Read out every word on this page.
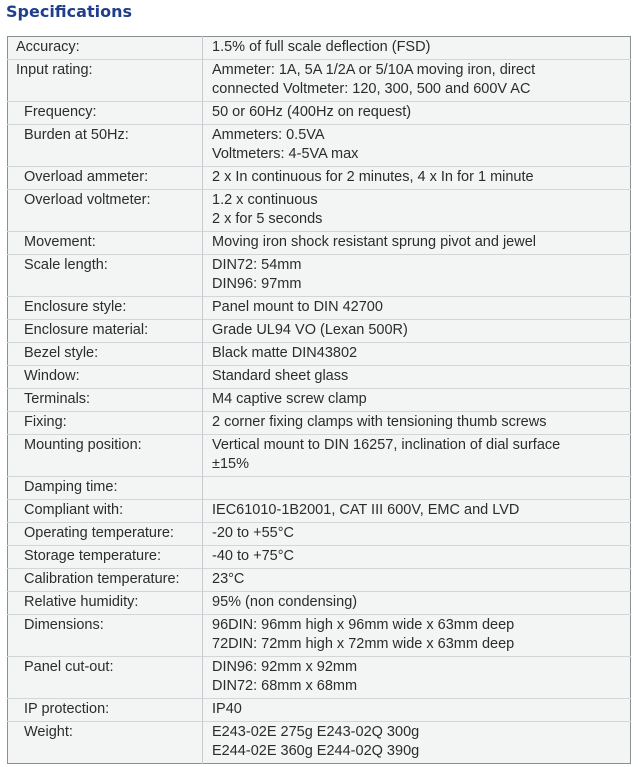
Specifications
Accuracy:	1.5% of full scale deflection (FSD)

Input rating:	Ammeter: 1A, 5A 1/2A or 5/10A moving iron, direct
connected Voltmeter: 120, 300, 500 and 600V AC

Frequency:	50 or 60Hz (400Hz on request)

Burden at 50Hz:	Ammeters: 0.5VA
Voltmeters: 4-5VA max

Overload ammeter:	2 x In continuous for 2 minutes, 4 x In for 1 minute

Overload voltmeter:	1.2 x continuous
2 x for 5 seconds

Movement:	Moving iron shock resistant sprung pivot and jewel

Scale length:	DIN72: 54mm
DIN96: 97mm

Enclosure style:	Panel mount to DIN 42700

Enclosure material:	Grade UL94 VO (Lexan 500R)

Bezel style:	Black matte DIN43802

Window:	Standard sheet glass

Terminals:	M4 captive screw clamp

Fixing:	2 corner fixing clamps with tensioning thumb screws

Mounting position:	Vertical mount to DIN 16257, inclination of dial surface
±15%

Damping time:	

Compliant with:	IEC61010-1B2001, CAT III 600V, EMC and LVD

Operating temperature:	-20 to +55°C

Storage temperature:	-40 to +75°C

Calibration temperature:	23°C

Relative humidity:	95% (non condensing)

Dimensions:	96DIN: 96mm high x 96mm wide x 63mm deep
72DIN: 72mm high x 72mm wide x 63mm deep

Panel cut-out:	DIN96: 92mm x 92mm
DIN72: 68mm x 68mm

IP protection:	IP40

Weight:	E243-02E 275g E243-02Q 300g
E244-02E 360g E244-02Q 390g
